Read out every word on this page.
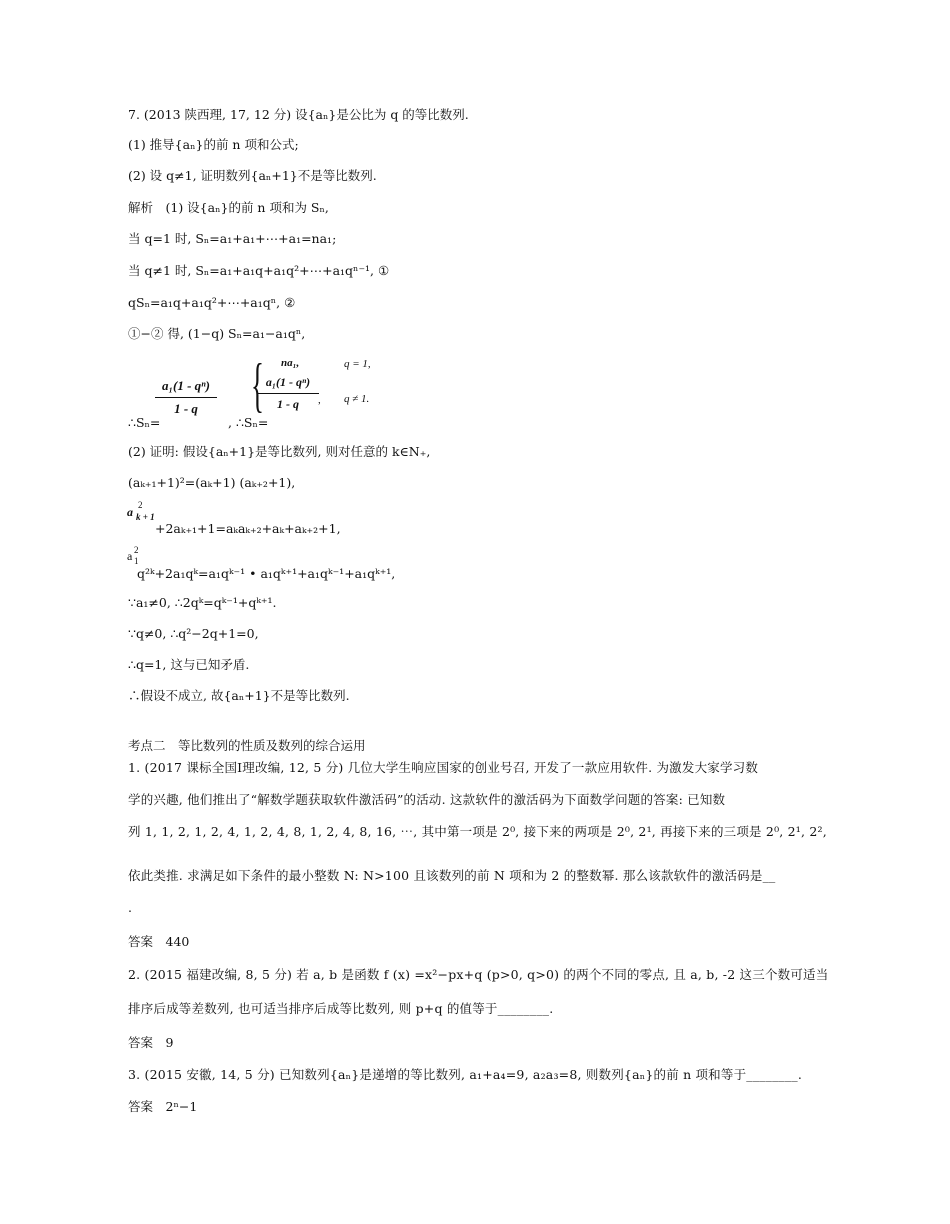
7. (2013 陕西理, 17, 12 分) 设{aₙ}是公比为 q 的等比数列.
(1) 推导{aₙ}的前 n 项和公式;
(2) 设 q≠1, 证明数列{aₙ+1}不是等比数列.
解析　(1) 设{aₙ}的前 n 项和为 Sₙ,
当 q=1 时, Sₙ=a₁+a₁+⋯+a₁=na₁;
当 q≠1 时, Sₙ=a₁+a₁q+a₁q²+⋯+a₁qⁿ⁻¹, ①
qSₙ=a₁q+a₁q²+⋯+a₁qⁿ, ②
①−② 得, (1−q) Sₙ=a₁−a₁qⁿ,
a₁(1 - qⁿ)
1 - q
∴Sₙ=	, ∴Sₙ=
{ na₁,	q = 1,
a₁(1 - qⁿ)
1 - q	, q ≠ 1.
(2) 证明: 假设{aₙ+1}是等比数列, 则对任意的 k∈N₊,
(aₖ₊₁+1)²=(aₖ+1) (aₖ₊₂+1),
a k + 1
2
+2aₖ₊₁+1=aₖaₖ₊₂+aₖ+aₖ₊₂+1,
a 1
2
q²ᵏ+2a₁qᵏ=a₁qᵏ⁻¹ • a₁qᵏ⁺¹+a₁qᵏ⁻¹+a₁qᵏ⁺¹,
∵a₁≠0, ∴2qᵏ=qᵏ⁻¹+qᵏ⁺¹.
∵q≠0, ∴q²−2q+1=0,
∴q=1, 这与已知矛盾.
∴假设不成立, 故{aₙ+1}不是等比数列.
考点二　等比数列的性质及数列的综合运用
1. (2017 课标全国Ⅰ理改编, 12, 5 分) 几位大学生响应国家的创业号召, 开发了一款应用软件. 为激发大家学习数
学的兴趣, 他们推出了“解数学题获取软件激活码”的活动. 这款软件的激活码为下面数学问题的答案: 已知数
列 1, 1, 2, 1, 2, 4, 1, 2, 4, 8, 1, 2, 4, 8, 16, ⋯, 其中第一项是 2⁰, 接下来的两项是 2⁰, 2¹, 再接下来的三项是 2⁰, 2¹, 2²,
依此类推. 求满足如下条件的最小整数 N: N>100 且该数列的前 N 项和为 2 的整数幂. 那么该款软件的激活码是__
.
答案　440
2. (2015 福建改编, 8, 5 分) 若 a, b 是函数 f (x) =x²−px+q (p>0, q>0) 的两个不同的零点, 且 a, b, -2 这三个数可适当
排序后成等差数列, 也可适当排序后成等比数列, 则 p+q 的值等于________.
答案　9
3. (2015 安徽, 14, 5 分) 已知数列{aₙ}是递增的等比数列, a₁+a₄=9, a₂a₃=8, 则数列{aₙ}的前 n 项和等于________.
答案　2ⁿ−1
